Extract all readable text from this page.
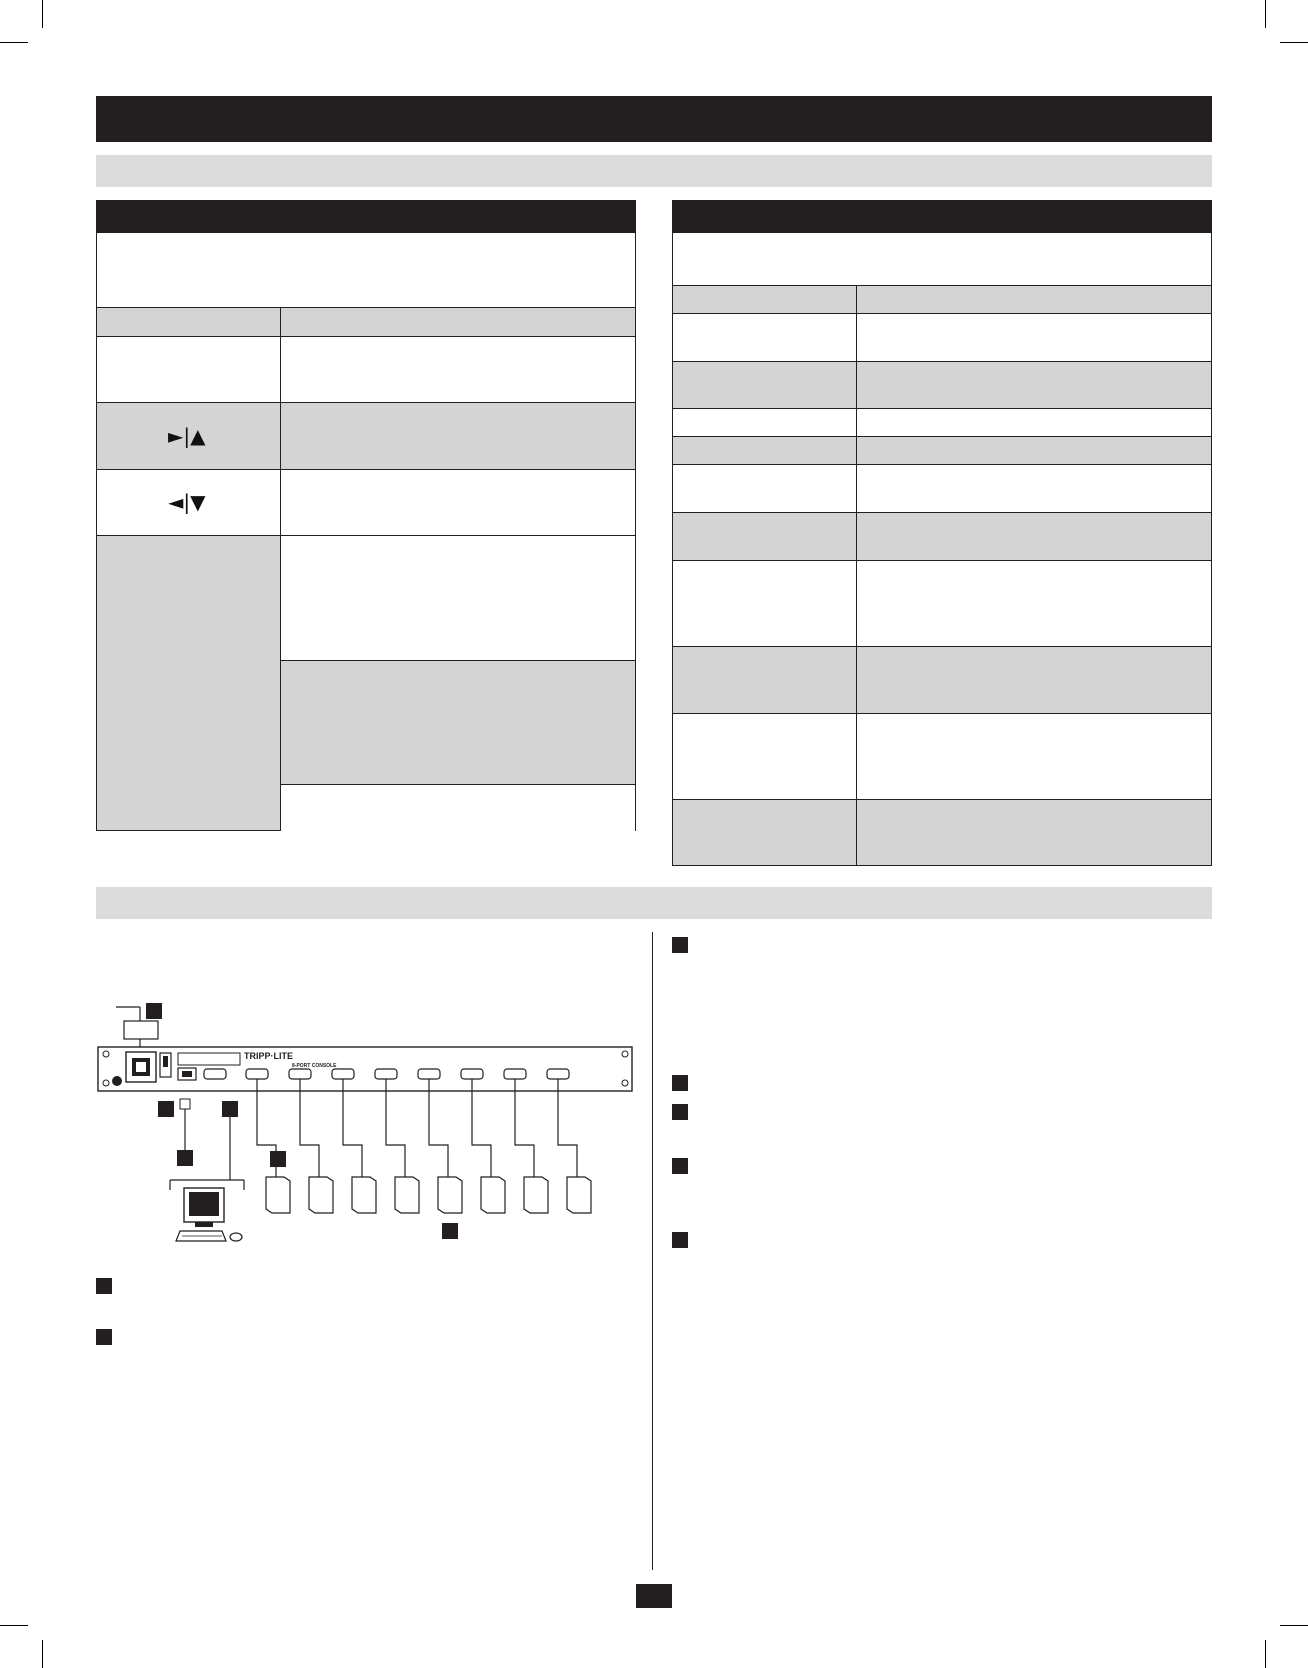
►|▲
◄|▼
TRIPP·LITE
8-PORT CONSOLE
